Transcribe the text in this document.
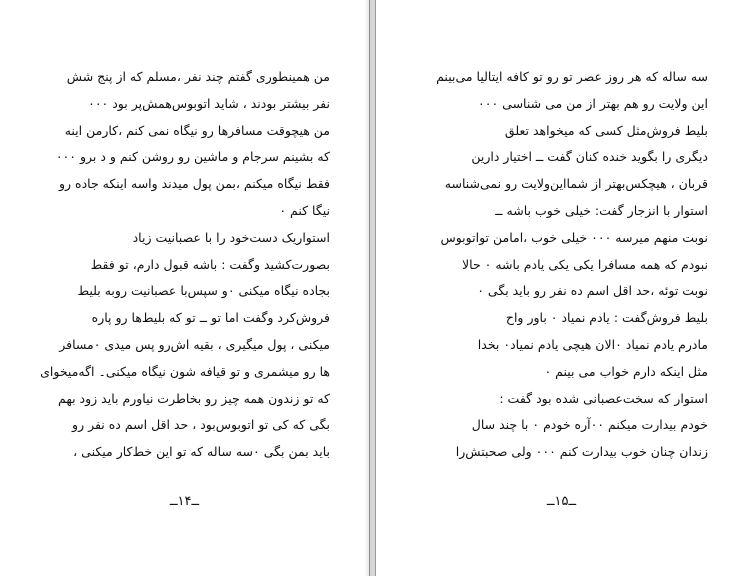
من همینطوری گفتم چند نفر ،مسلم که از پنج شش
نفر بیشتر بودند ، شاید اتوبوس‌همش‌پر بود ۰۰۰
من هیچوقت مسافرها رو نیگاه نمی کنم ،کارمن اینه
که بشینم سرجام و ماشین رو روشن کنم و د برو ۰۰۰
فقط نیگاه میکنم ،بمن پول میدند واسه اینکه جاده رو
نیگا کنم ۰
استواریک دست‌خود را با عصبانیت زیاد
بصورت‌کشید وگفت : باشه قبول دارم، تو فقط
بجاده نیگاه میکنی ۰و سپس‌با عصبانیت روبه بلیط
فروش‌کرد وگفت اما تو ــ تو که بلیط‌ها رو پاره
میکنی ، پول میگیری ، بقیه اش‌رو پس میدی ۰مسافر
ها رو میشمری و تو قیافه شون نیگاه میکنی۔ اگه‌میخوای
که تو زندون همه چیز رو بخاطرت نیاورم باید زود بهم
بگی که کی تو اتوبوس‌بود ، حد اقل اسم ده نفر رو
باید بمن بگی ۰سه ساله که تو این خط‌کار میکنی ،
ــ۱۴ــ
سه ساله که هر روز عصر تو رو تو کافه ایتالیا می‌بینم
این ولایت رو هم بهتر از من می شناسی ۰۰۰
بلیط فروش‌مثل کسی که میخواهد تعلق
دیگری را بگوید خنده کنان گفت ــ اختیار دارین
قربان ، هیچکس‌بهتر از شمااین‌ولایت رو نمی‌شناسه
استوار با انزجار گفت: خیلی خوب باشه ــ
نوبت منهم میرسه ۰۰۰ خیلی خوب ،امامن تواتوبوس
نبودم که همه مسافرا یکی یکی یادم باشه ۰ حالا
نوبت توئه ،حد اقل اسم ده نفر رو باید بگی ۰
بلیط فروش‌گفت : یادم نمیاد ۰ باور واح
مادرم یادم نمیاد ۰الان هیچی یادم نمیاد۰ بخدا
مثل اینکه دارم خواب می بینم ۰
استوار که سخت‌عصبانی شده بود گفت :
خودم بیدارت میکنم ۰۰آره خودم ۰ با چند سال
زندان چنان خوب بیدارت کنم ۰۰۰ ولی صحبتش‌را
ــ۱۵ــ
